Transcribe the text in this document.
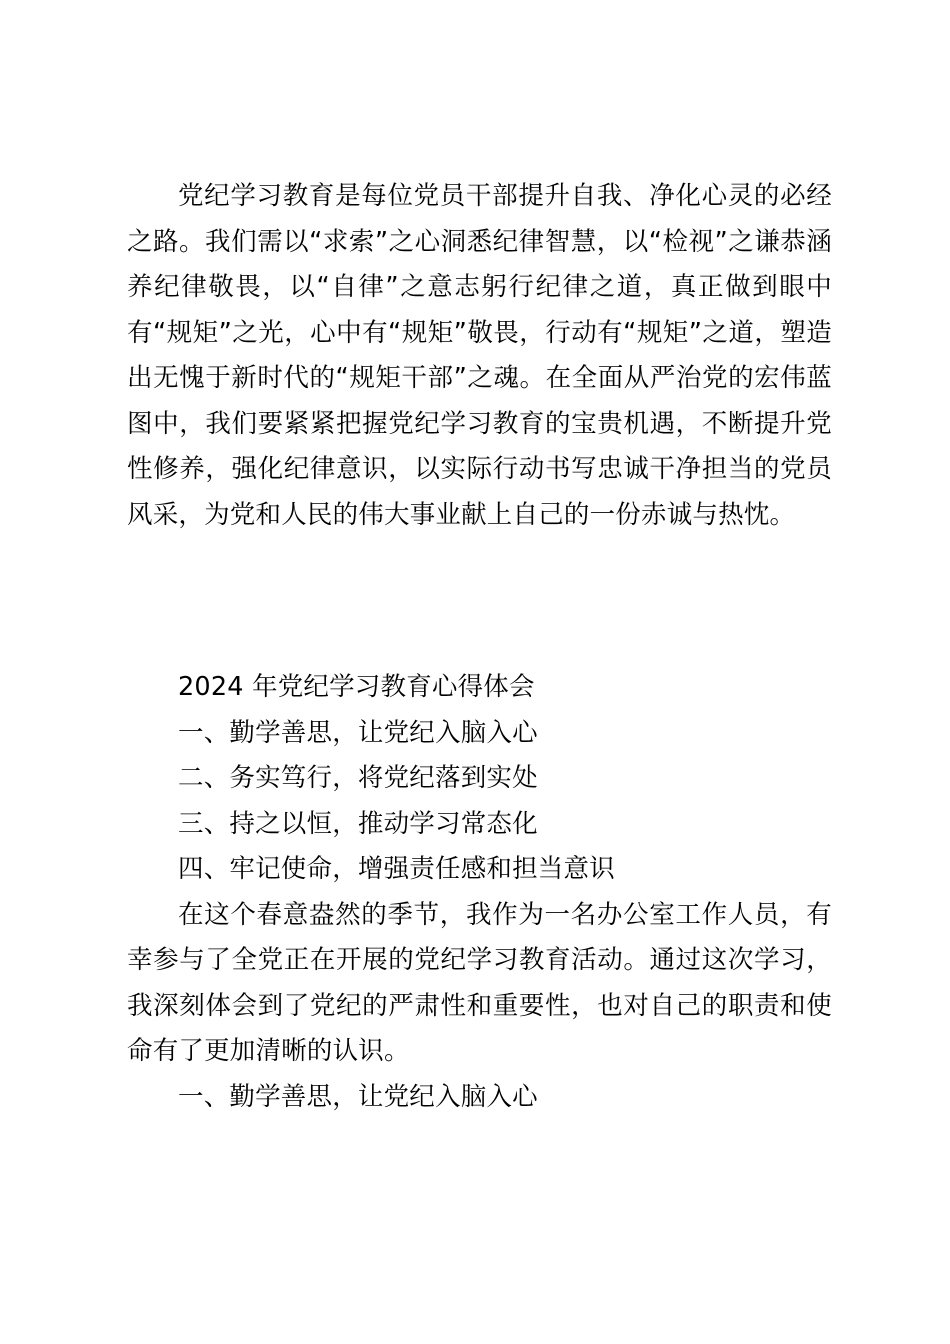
党纪学习教育是每位党员干部提升自我、净化心灵的必经
之路。我们需以“求索”之心洞悉纪律智慧，以“检视”之谦恭涵
养纪律敬畏，以“自律”之意志躬行纪律之道，真正做到眼中
有“规矩”之光，心中有“规矩”敬畏，行动有“规矩”之道，塑造
出无愧于新时代的“规矩干部”之魂。在全面从严治党的宏伟蓝
图中，我们要紧紧把握党纪学习教育的宝贵机遇，不断提升党
性修养，强化纪律意识，以实际行动书写忠诚干净担当的党员
风采，为党和人民的伟大事业献上自己的一份赤诚与热忱。
2024 年党纪学习教育心得体会
一、勤学善思，让党纪入脑入心
二、务实笃行，将党纪落到实处
三、持之以恒，推动学习常态化
四、牢记使命，增强责任感和担当意识
在这个春意盎然的季节，我作为一名办公室工作人员，有
幸参与了全党正在开展的党纪学习教育活动。通过这次学习，
我深刻体会到了党纪的严肃性和重要性，也对自己的职责和使
命有了更加清晰的认识。
一、勤学善思，让党纪入脑入心
